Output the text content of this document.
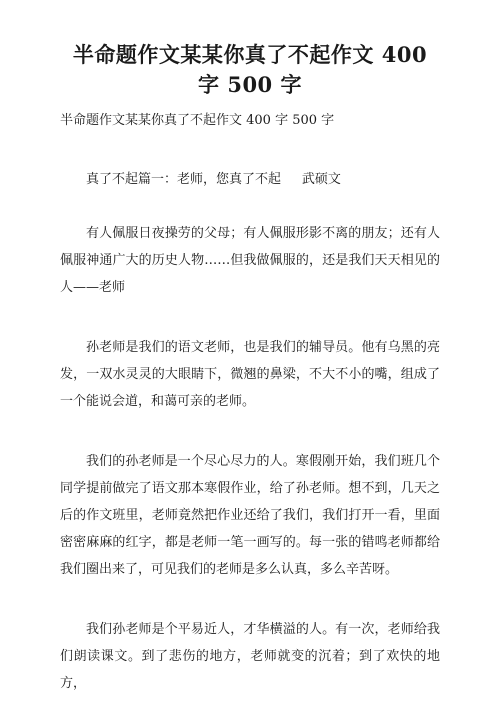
半命题作文某某你真了不起作文 400 字 500 字

半命题作文某某你真了不起作文 400 字 500 字

真了不起篇一：老师，您真了不起 武硕文

有人佩服日夜操劳的父母；有人佩服形影不离的朋友；还有人佩服神通广大的历史人物……但我做佩服的，还是我们天天相见的人——老师

孙老师是我们的语文老师，也是我们的辅导员。他有乌黑的亮发，一双水灵灵的大眼睛下，微翘的鼻梁，不大不小的嘴，组成了一个能说会道，和蔼可亲的老师。

我们的孙老师是一个尽心尽力的人。寒假刚开始，我们班几个同学提前做完了语文那本寒假作业，给了孙老师。想不到，几天之后的作文班里，老师竟然把作业还给了我们，我们打开一看，里面密密麻麻的红字，都是老师一笔一画写的。每一张的错鸣老师都给我们圈出来了，可见我们的老师是多么认真，多么辛苦呀。

我们孙老师是个平易近人，才华横溢的人。有一次，老师给我们朗读课文。到了悲伤的地方，老师就变的沉着；到了欢快的地方，
